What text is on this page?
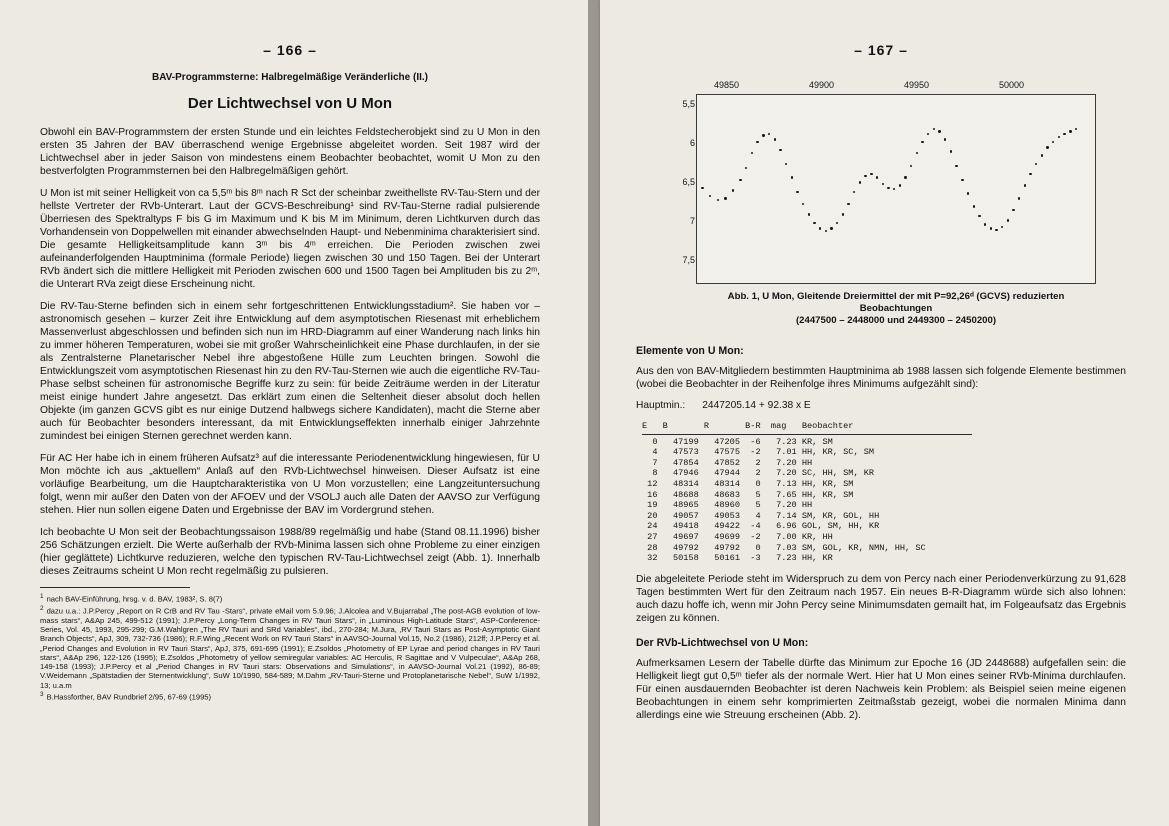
– 166 –
BAV-Programmsterne: Halbregelmäßige Veränderliche (II.)
Der Lichtwechsel von U Mon

Obwohl ein BAV-Programmstern der ersten Stunde und ein leichtes Feldstecherobjekt sind zu U Mon in den ersten 35 Jahren der BAV überraschend wenige Ergebnisse abgeleitet worden. Seit 1987 wird der Lichtwechsel aber in jeder Saison von mindestens einem Beobachter beobachtet, womit U Mon zu den bestverfolgten Programmsternen bei den Halbregelmäßigen gehört.

U Mon ist mit seiner Helligkeit von ca 5,5ᵐ bis 8ᵐ nach R Sct der scheinbar zweithellste RV-Tau-Stern und der hellste Vertreter der RVb-Unterart. Laut der GCVS-Beschreibung¹ sind RV-Tau-Sterne radial pulsierende Überriesen des Spektraltyps F bis G im Maximum und K bis M im Minimum, deren Lichtkurven durch das Vorhandensein von Doppelwellen mit einander abwechselnden Haupt- und Nebenminima charakterisiert sind. Die gesamte Helligkeitsamplitude kann 3ᵐ bis 4ᵐ erreichen. Die Perioden zwischen zwei aufeinanderfolgenden Hauptminima (formale Periode) liegen zwischen 30 und 150 Tagen. Bei der Unterart RVb ändert sich die mittlere Helligkeit mit Perioden zwischen 600 und 1500 Tagen bei Amplituden bis zu 2ᵐ, die Unterart RVa zeigt diese Erscheinung nicht.

Die RV-Tau-Sterne befinden sich in einem sehr fortgeschrittenen Entwicklungsstadium². Sie haben vor – astronomisch gesehen – kurzer Zeit ihre Entwicklung auf dem asymptotischen Riesenast mit erheblichem Massenverlust abgeschlossen und befinden sich nun im HRD-Diagramm auf einer Wanderung nach links hin zu immer höheren Temperaturen, wobei sie mit großer Wahrscheinlichkeit eine Phase durchlaufen, in der sie als Zentralsterne Planetarischer Nebel ihre abgestoßene Hülle zum Leuchten bringen. Sowohl die Entwicklungszeit vom asymptotischen Riesenast hin zu den RV-Tau-Sternen wie auch die eigentliche RV-Tau-Phase selbst scheinen für astronomische Begriffe kurz zu sein: für beide Zeiträume werden in der Literatur meist einige hundert Jahre angesetzt. Das erklärt zum einen die Seltenheit dieser absolut doch hellen Objekte (im ganzen GCVS gibt es nur einige Dutzend halbwegs sichere Kandidaten), macht die Sterne aber auch für Beobachter besonders interessant, da mit Entwicklungseffekten innerhalb einiger Jahrzehnte zumindest bei einigen Sternen gerechnet werden kann.

Für AC Her habe ich in einem früheren Aufsatz³ auf die interessante Periodenentwicklung hingewiesen, für U Mon möchte ich aus „aktuellem“ Anlaß auf den RVb-Lichtwechsel hinweisen. Dieser Aufsatz ist eine vorläufige Bearbeitung, um die Hauptcharakteristika von U Mon vorzustellen; eine Langzeituntersuchung folgt, wenn mir außer den Daten von der AFOEV und der VSOLJ auch alle Daten der AAVSO zur Verfügung stehen. Hier nun sollen eigene Daten und Ergebnisse der BAV im Vordergrund stehen.

Ich beobachte U Mon seit der Beobachtungssaison 1988/89 regelmäßig und habe (Stand 08.11.1996) bisher 256 Schätzungen erzielt. Die Werte außerhalb der RVb-Minima lassen sich ohne Probleme zu einer einzigen (hier geglättete) Lichtkurve reduzieren, welche den typischen RV-Tau-Lichtwechsel zeigt (Abb. 1). Innerhalb dieses Zeitraums scheint U Mon recht regelmäßig zu pulsieren.

$^1$ nach BAV-Einführung, hrsg. v. d. BAV, 1983², S. 8(7)

$^2$ dazu u.a.: J.P.Percy „Report on R CrB and RV Tau -Stars“, private eMail vom 5.9.96; J.Alcolea and V.Bujarrabal „The post-AGB evolution of low-mass stars“, A&Ap 245, 499-512 (1991); J.P.Percy „Long-Term Changes in RV Tauri Stars“, in „Luminous High-Latitude Stars“, ASP-Conference-Series, Vol. 45, 1993, 295-299; G.M.Wahlgren „The RV Tauri and SRd Variables“, ibd., 270-284; M.Jura, ‚RV Tauri Stars as Post-Asymptotic Giant Branch Objects“, ApJ, 309, 732-736 (1986); R.F.Wing „Recent Work on RV Tauri Stars“ in AAVSO-Journal Vol.15, No.2 (1986), 212ff; J.P.Percy et al. „Period Changes and Evolution in RV Tauri Stars“, ApJ, 375, 691-695 (1991); E.Zsoldos „Photometry of EP Lyrae and period changes in RV Tauri stars“, A&Ap 296, 122-126 (1995); E.Zsoldos „Photometry of yellow semiregular variables: AC Herculis, R Sagittae and V Vulpeculae“, A&Ap 268, 149-158 (1993); J.P.Percy et al „Period Changes in RV Tauri stars: Observations and Simulations“, in AAVSO-Journal Vol.21 (1992), 86-89; V.Weidemann „Spätstadien der Sternentwicklung“, SuW 10/1990, 584-589; M.Dahm „RV-Tauri-Sterne und Protoplanetarische Nebel“, SuW 1/1992, 13; u.a.m

$^3$ B.Hassforther, BAV Rundbrief 2/95, 67-69 (1995)

– 167 –
49850	49900	49950	50000
5,5
6
6,5
7
7,5
Abb. 1, U Mon, Gleitende Dreiermittel der mit P=92,26ᵈ (GCVS) reduzierten Beobachtungen
(2447500 – 2448000 und 2449300 – 2450200)
Elemente von U Mon:

Aus den von BAV-Mitgliedern bestimmten Hauptminima ab 1988 lassen sich folgende Elemente bestimmen (wobei die Beobachter in der Reihenfolge ihres Minimums aufgezählt sind):

Hauptmin.: 2447205.14 + 92.38 x E

E   B       R       B-R  mag   Beobachter
0   47199   47205  -6   7.23 KR, SM
4   47573   47575  -2   7.01 HH, KR, SC, SM
7   47854   47852   2   7.20 HH
8   47946   47944   2   7.20 SC, HH, SM, KR
12   48314   48314   0   7.13 HH, KR, SM
16   48688   48683   5   7.65 HH, KR, SM
19   48965   48960   5   7.20 HH
20   49057   49053   4   7.14 SM, KR, GOL, HH
24   49418   49422  -4   6.96 GOL, SM, HH, KR
27   49697   49699  -2   7.00 KR, HH
28   49792   49792   0   7.03 SM, GOL, KR, NMN, HH, SC
32   50158   50161  -3   7.23 HH, KR

Die abgeleitete Periode steht im Widerspruch zu dem von Percy nach einer Periodenverkürzung zu 91,628 Tagen bestimmten Wert für den Zeitraum nach 1957. Ein neues B-R-Diagramm würde sich also lohnen: auch dazu hoffe ich, wenn mir John Percy seine Minimumsdaten gemailt hat, im Folgeaufsatz das Ergebnis zeigen zu können.

Der RVb-Lichtwechsel von U Mon:

Aufmerksamen Lesern der Tabelle dürfte das Minimum zur Epoche 16 (JD 2448688) aufgefallen sein: die Helligkeit liegt gut 0,5ᵐ tiefer als der normale Wert. Hier hat U Mon eines seiner RVb-Minima durchlaufen. Für einen ausdauernden Beobachter ist deren Nachweis kein Problem: als Beispiel seien meine eigenen Beobachtungen in einem sehr komprimierten Zeitmaßstab gezeigt, wobei die normalen Minima dann allerdings eine wie Streuung erscheinen (Abb. 2).
